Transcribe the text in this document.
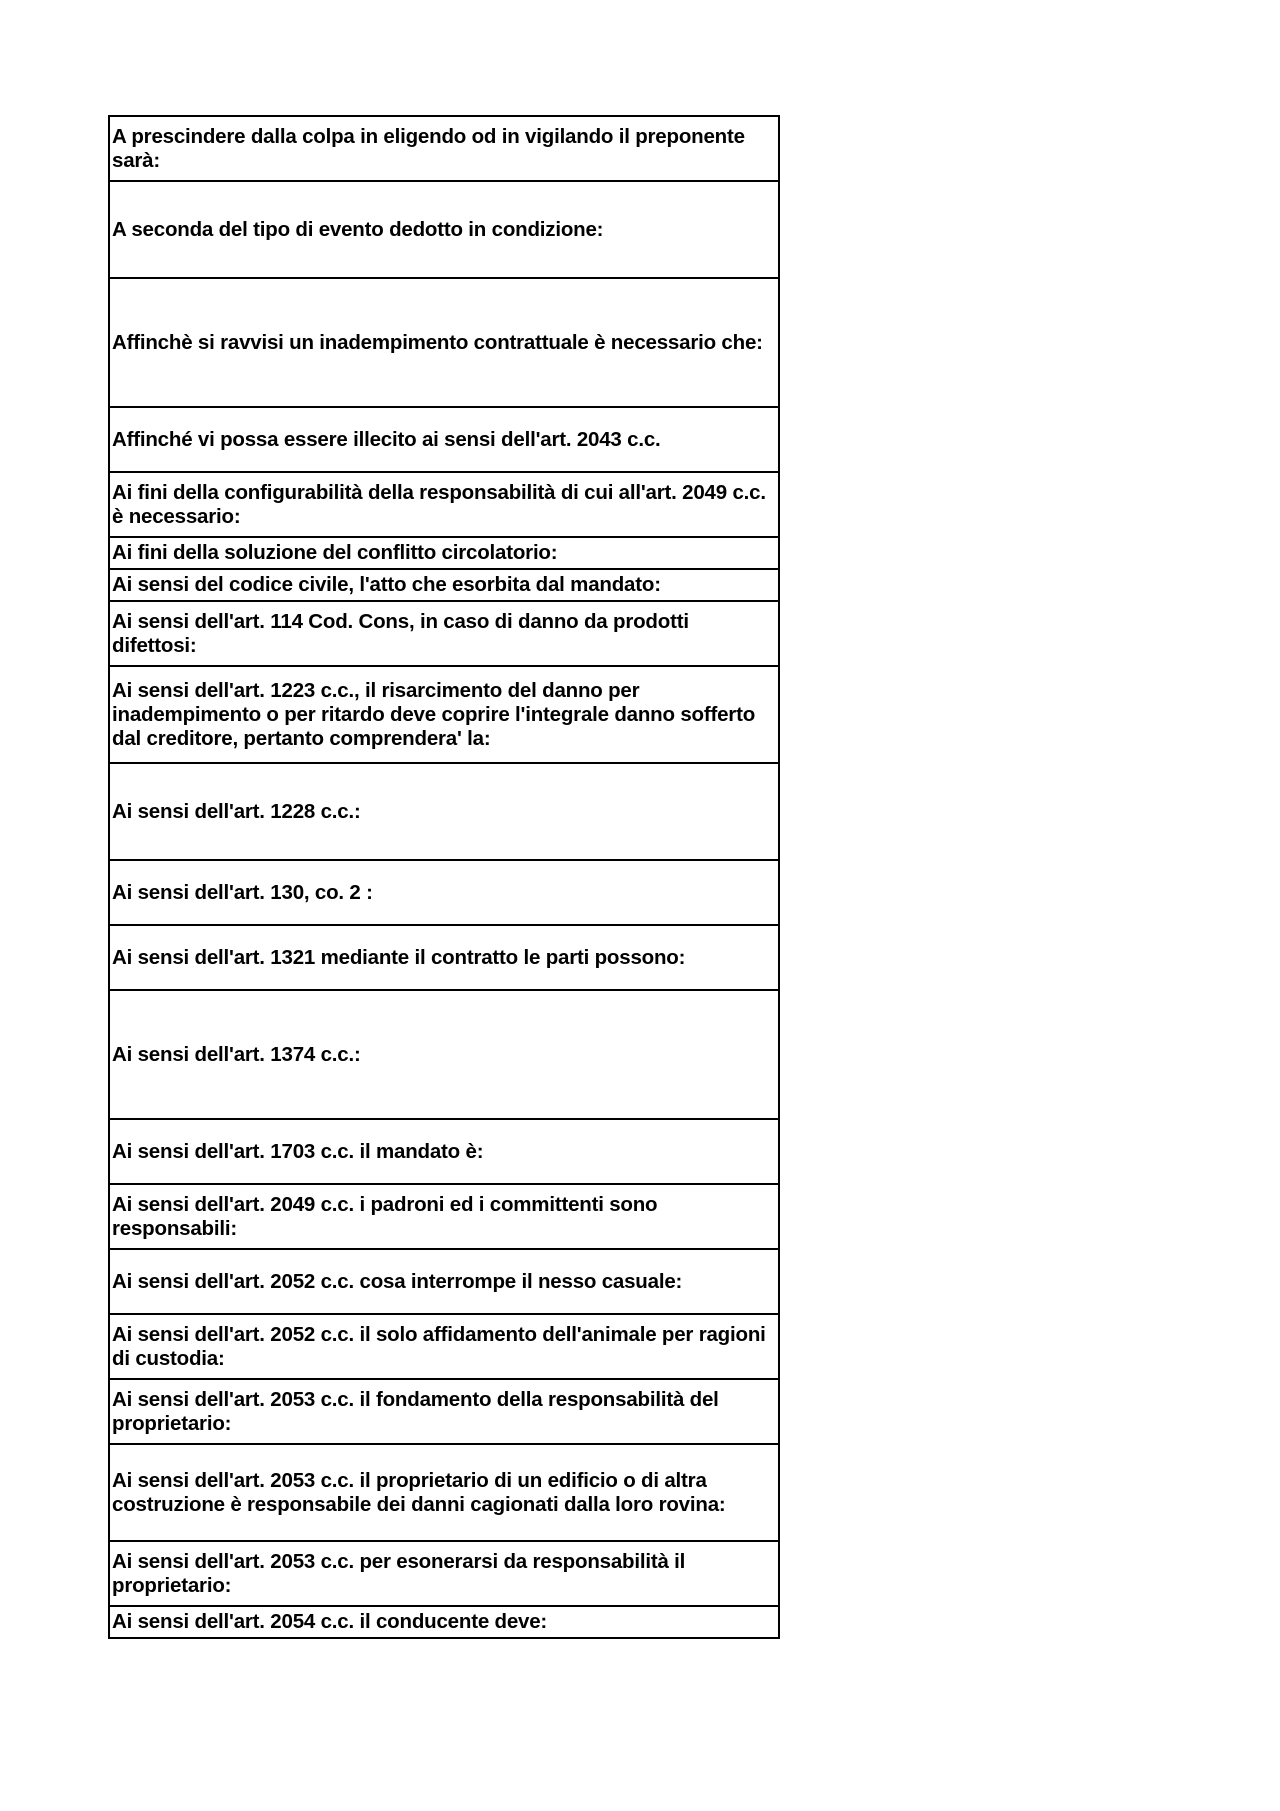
A prescindere dalla colpa in eligendo od in vigilando il preponente sarà:
A seconda del tipo di evento dedotto in condizione:
Affinchè si ravvisi un inadempimento contrattuale è necessario che:
Affinché vi possa essere illecito ai sensi dell'art. 2043 c.c.
Ai fini della configurabilità della responsabilità di cui all'art. 2049 c.c. è necessario:
Ai fini della soluzione del conflitto circolatorio:
Ai sensi del codice civile, l'atto che esorbita dal mandato:
Ai sensi dell'art. 114 Cod. Cons, in caso di danno da prodotti difettosi:
Ai sensi dell'art. 1223 c.c., il risarcimento del danno per inadempimento o per ritardo deve coprire l'integrale danno sofferto dal creditore, pertanto comprendera' la:
Ai sensi dell'art. 1228 c.c.:
Ai sensi dell'art. 130, co. 2 :
Ai sensi dell'art. 1321 mediante il contratto le parti possono:
Ai sensi dell'art. 1374 c.c.:
Ai sensi dell'art. 1703 c.c. il mandato è:
Ai sensi dell'art. 2049 c.c. i padroni ed i committenti sono responsabili:
Ai sensi dell'art. 2052 c.c. cosa interrompe il nesso casuale:
Ai sensi dell'art. 2052 c.c. il solo affidamento dell'animale per ragioni di custodia:
Ai sensi dell'art. 2053 c.c. il fondamento della responsabilità del proprietario:
Ai sensi dell'art. 2053 c.c. il proprietario di un edificio o di altra costruzione è responsabile dei danni cagionati dalla loro rovina:
Ai sensi dell'art. 2053 c.c. per esonerarsi da responsabilità il proprietario:
Ai sensi dell'art. 2054 c.c. il conducente deve:
